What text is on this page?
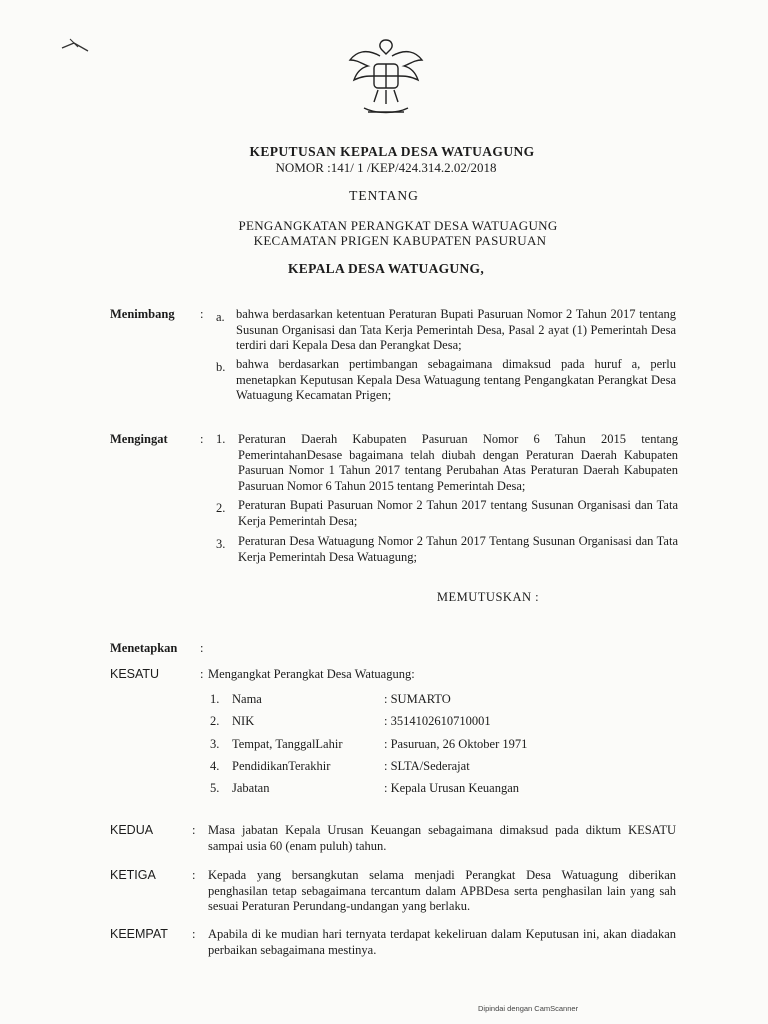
KEPUTUSAN KEPALA DESA WATUAGUNG
NOMOR :141/ 1 /KEP/424.314.2.02/2018
TENTANG
PENGANGKATAN PERANGKAT DESA WATUAGUNG
KECAMATAN PRIGEN KABUPATEN PASURUAN
KEPALA DESA WATUAGUNG,
Menimbang : a. bahwa berdasarkan ketentuan Peraturan Bupati Pasuruan Nomor 2 Tahun 2017 tentang Susunan Organisasi dan Tata Kerja Pemerintah Desa, Pasal 2 ayat (1) Pemerintah Desa terdiri dari Kepala Desa dan Perangkat Desa;
b. bahwa berdasarkan pertimbangan sebagaimana dimaksud pada huruf a, perlu menetapkan Keputusan Kepala Desa Watuagung tentang Pengangkatan Perangkat Desa Watuagung Kecamatan Prigen;
Mengingat	: 1. Peraturan Daerah Kabupaten Pasuruan Nomor 6 Tahun 2015 tentang PemerintahanDesase bagaimana telah diubah dengan Peraturan Daerah Kabupaten Pasuruan Nomor 1 Tahun 2017 tentang Perubahan Atas Peraturan Daerah Kabupaten Pasuruan Nomor 6 Tahun 2015 tentang Pemerintah Desa;
2. Peraturan Bupati Pasuruan Nomor 2 Tahun 2017 tentang Susunan Organisasi dan Tata Kerja Pemerintah Desa;
3. Peraturan Desa Watuagung Nomor 2 Tahun 2017 Tentang Susunan Organisasi dan Tata Kerja Pemerintah Desa Watuagung;
MEMUTUSKAN :
Menetapkan :
KESATU	: Mengangkat Perangkat Desa Watuagung:
1. Nama	: SUMARTO
2. NIK	: 3514102610710001
3. Tempat, TanggalLahir	: Pasuruan, 26 Oktober 1971
4. PendidikanTerakhir	: SLTA/Sederajat
5. Jabatan	: Kepala Urusan Keuangan
KEDUA	: Masa jabatan Kepala Urusan Keuangan sebagaimana dimaksud pada diktum KESATU sampai usia 60 (enam puluh) tahun.
KETIGA	: Kepada yang bersangkutan selama menjadi Perangkat Desa Watuagung diberikan penghasilan tetap sebagaimana tercantum dalam APBDesa serta penghasilan lain yang sah sesuai Peraturan Perundang-undangan yang berlaku.
KEEMPAT : Apabila di ke mudian hari ternyata terdapat kekeliruan dalam Keputusan ini, akan diadakan perbaikan sebagaimana mestinya.
Dipindai dengan CamScanner
